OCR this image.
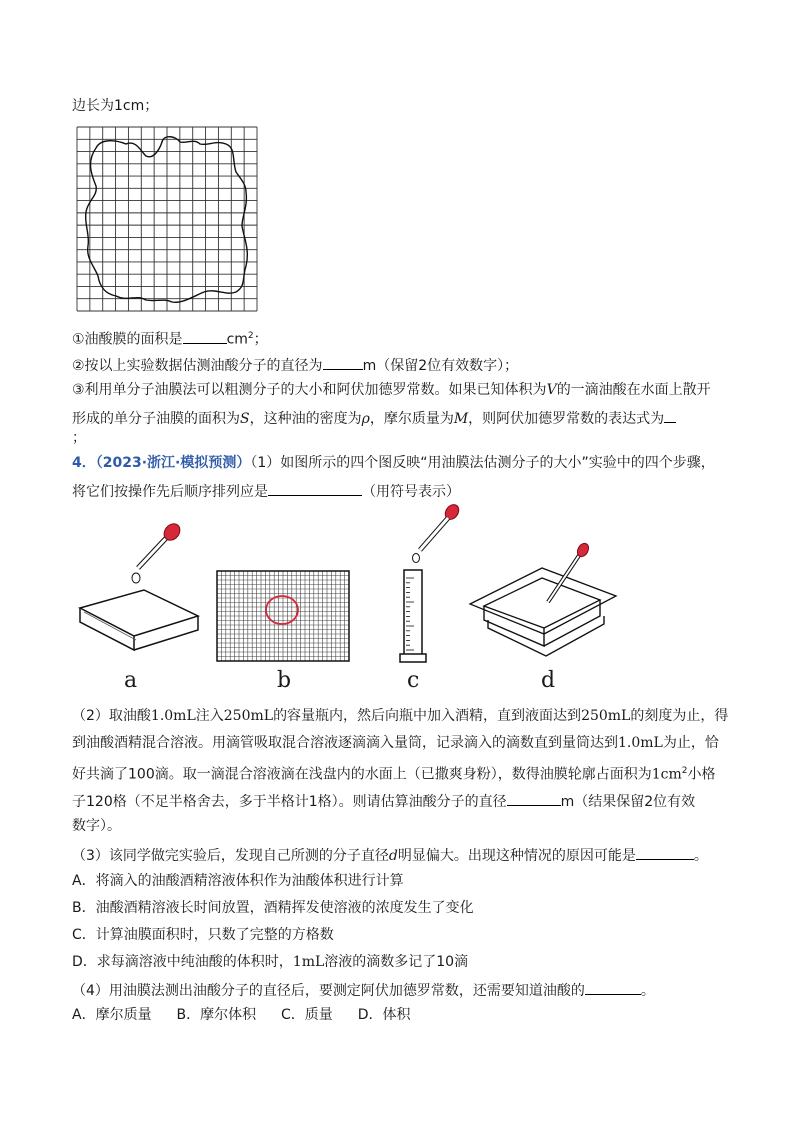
边长为1cm；
①油酸膜的面积是	$cm^2$；
②按以上实验数据估测油酸分子的直径为	m（保留2位有效数字）；
③利用单分子油膜法可以粗测分子的大小和阿伏加德罗常数。如果已知体积为V的一滴油酸在水面上散开
形成的单分子油膜的面积为S，这种油的密度为ρ，摩尔质量为M，则阿伏加德罗常数的表达式为
；
4．（2023·浙江·模拟预测）（1）如图所示的四个图反映“用油膜法估测分子的大小”实验中的四个步骤，
将它们按操作先后顺序排列应是	（用符号表示）
a	b	c	d
（2）取油酸1.0mL注入250mL的容量瓶内，然后向瓶中加入酒精，直到液面达到250mL的刻度为止，得
到油酸酒精混合溶液。用滴管吸取混合溶液逐滴滴入量筒，记录滴入的滴数直到量筒达到1.0mL为止，恰
好共滴了100滴。取一滴混合溶液滴在浅盘内的水面上（已撒爽身粉），数得油膜轮廓占面积为$1cm^2$小格
子120格（不足半格舍去，多于半格计1格）。则请估算油酸分子的直径	m（结果保留2位有效
数字）。
（3）该同学做完实验后，发现自己所测的分子直径d明显偏大。出现这种情况的原因可能是	。
A．将滴入的油酸酒精溶液体积作为油酸体积进行计算
B．油酸酒精溶液长时间放置，酒精挥发使溶液的浓度发生了变化
C．计算油膜面积时，只数了完整的方格数
D．求每滴溶液中纯油酸的体积时，1mL溶液的滴数多记了10滴
（4）用油膜法测出油酸分子的直径后，要测定阿伏加德罗常数，还需要知道油酸的	。
A．摩尔质量 B．摩尔体积 C．质量 D．体积
